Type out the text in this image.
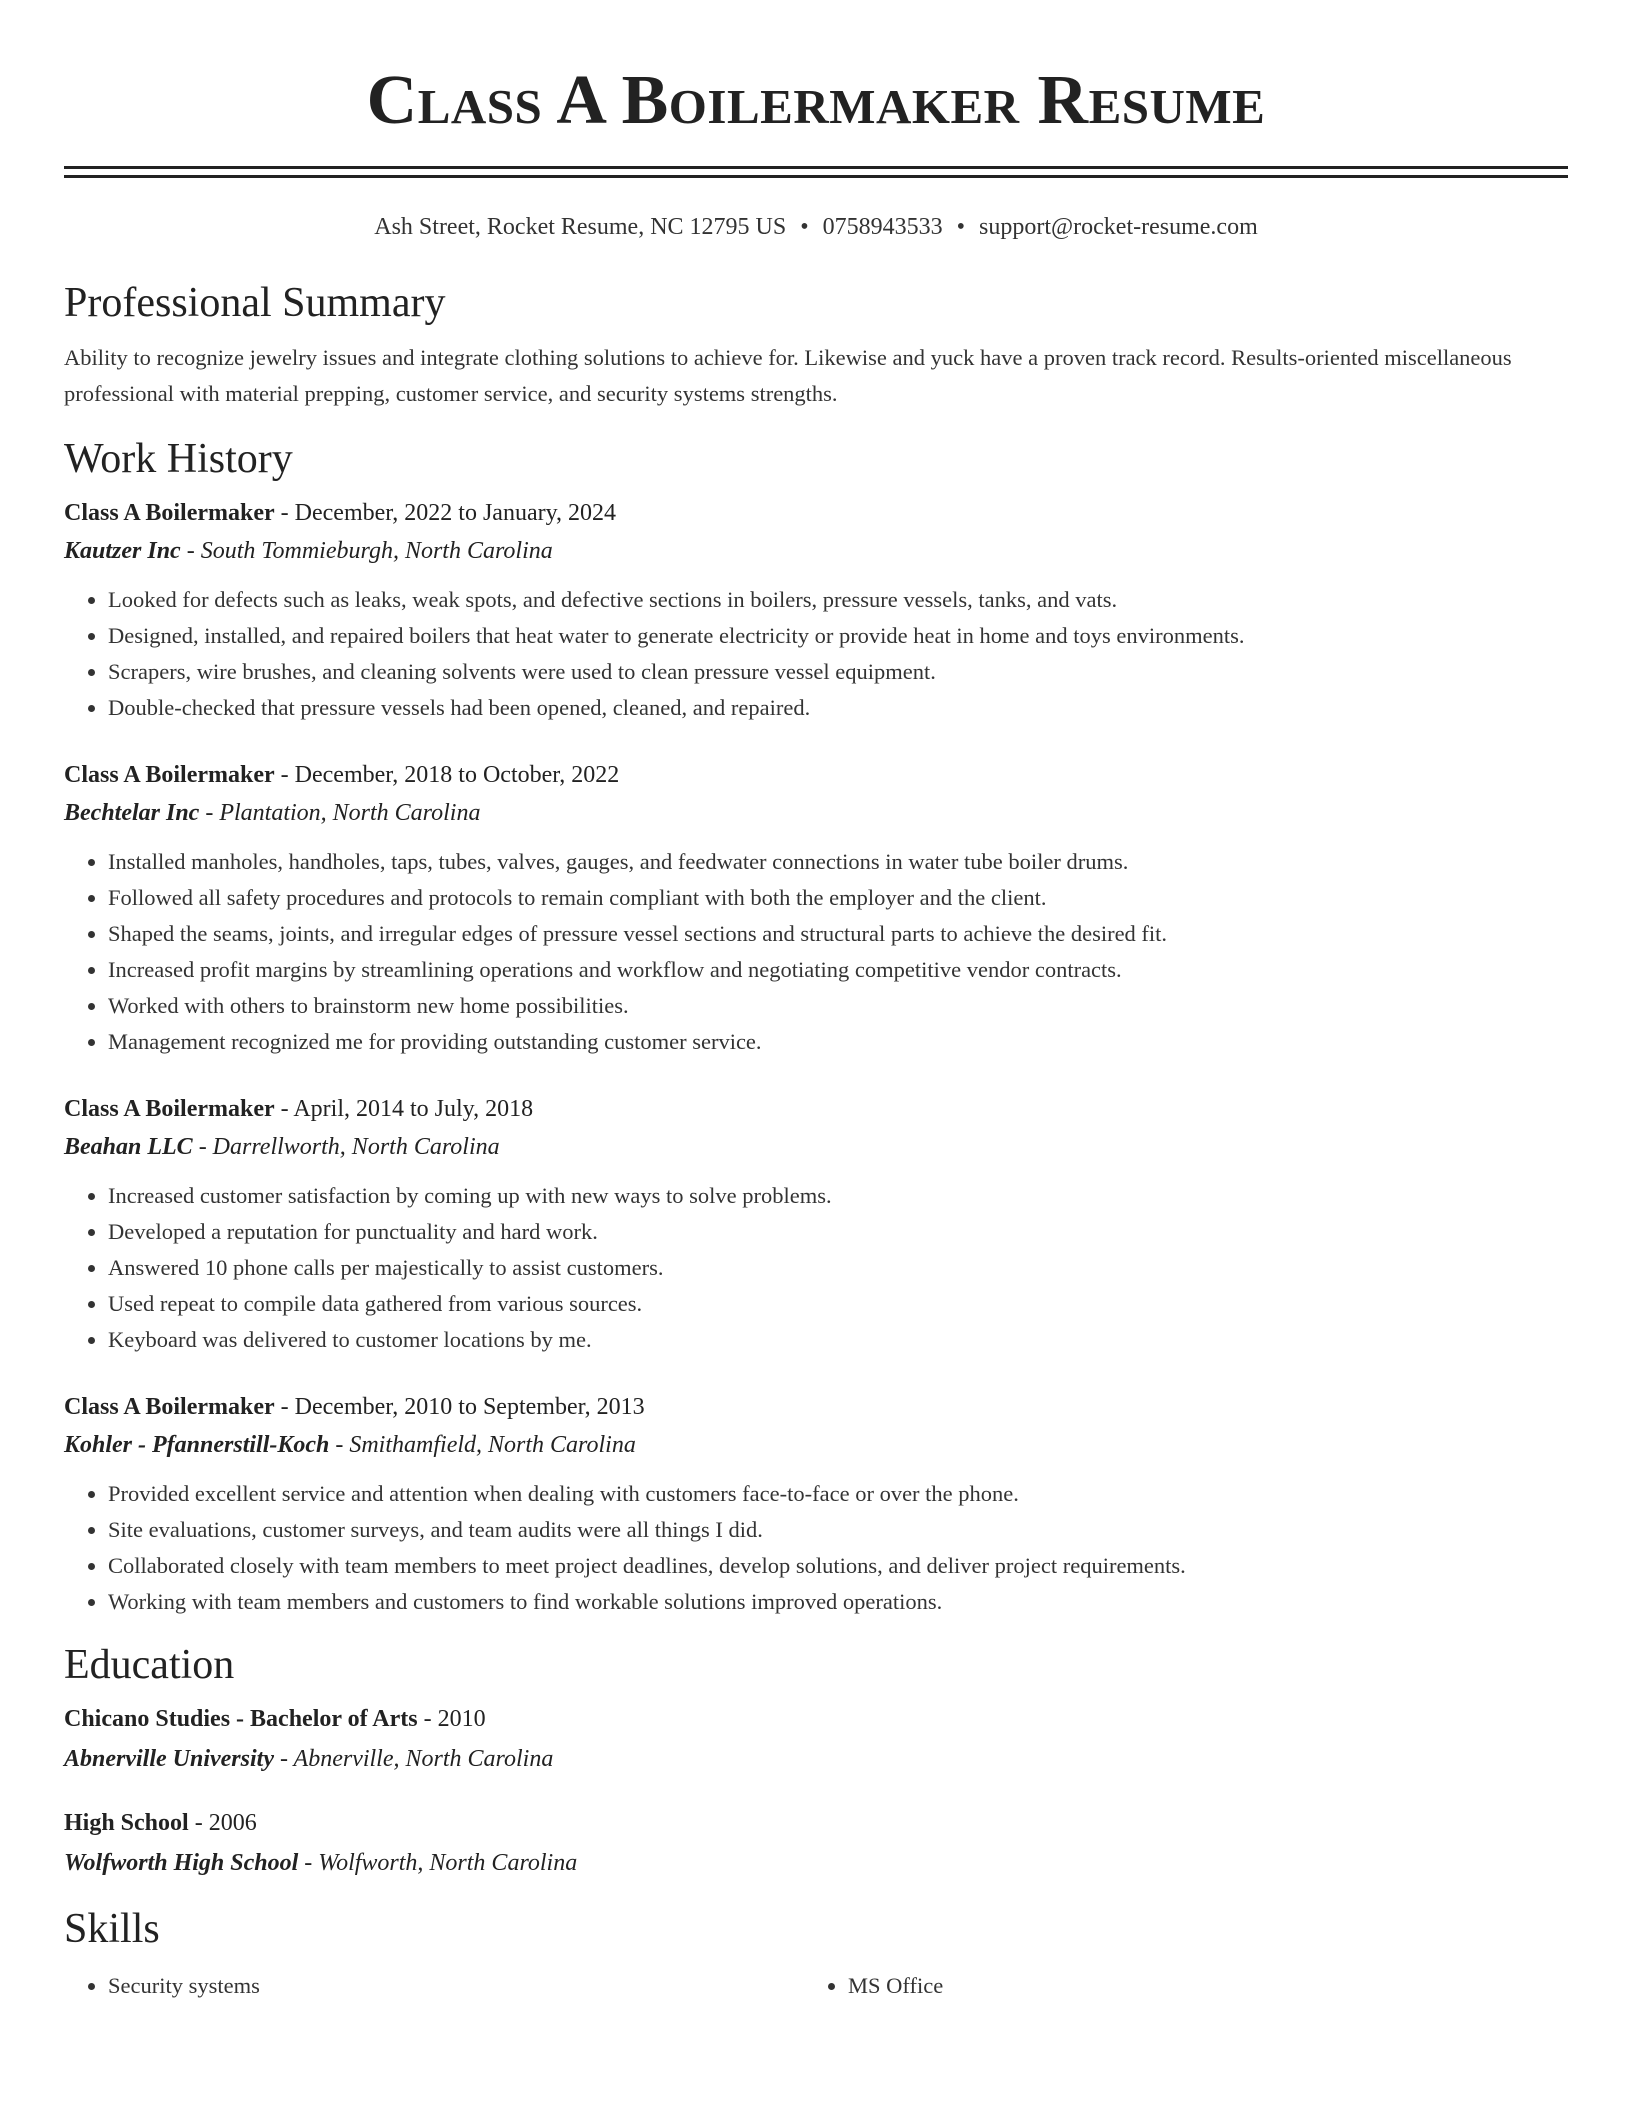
Class A Boilermaker Resume
Ash Street, Rocket Resume, NC 12795 US • 0758943533 • support@rocket-resume.com
Professional Summary
Ability to recognize jewelry issues and integrate clothing solutions to achieve for. Likewise and yuck have a proven track record. Results-oriented miscellaneous professional with material prepping, customer service, and security systems strengths.
Work History
Class A Boilermaker - December, 2022 to January, 2024
Kautzer Inc - South Tommieburgh, North Carolina
• Looked for defects such as leaks, weak spots, and defective sections in boilers, pressure vessels, tanks, and vats.
• Designed, installed, and repaired boilers that heat water to generate electricity or provide heat in home and toys environments.
• Scrapers, wire brushes, and cleaning solvents were used to clean pressure vessel equipment.
• Double-checked that pressure vessels had been opened, cleaned, and repaired.
Class A Boilermaker - December, 2018 to October, 2022
Bechtelar Inc - Plantation, North Carolina
• Installed manholes, handholes, taps, tubes, valves, gauges, and feedwater connections in water tube boiler drums.
• Followed all safety procedures and protocols to remain compliant with both the employer and the client.
• Shaped the seams, joints, and irregular edges of pressure vessel sections and structural parts to achieve the desired fit.
• Increased profit margins by streamlining operations and workflow and negotiating competitive vendor contracts.
• Worked with others to brainstorm new home possibilities.
• Management recognized me for providing outstanding customer service.
Class A Boilermaker - April, 2014 to July, 2018
Beahan LLC - Darrellworth, North Carolina
• Increased customer satisfaction by coming up with new ways to solve problems.
• Developed a reputation for punctuality and hard work.
• Answered 10 phone calls per majestically to assist customers.
• Used repeat to compile data gathered from various sources.
• Keyboard was delivered to customer locations by me.
Class A Boilermaker - December, 2010 to September, 2013
Kohler - Pfannerstill-Koch - Smithamfield, North Carolina
• Provided excellent service and attention when dealing with customers face-to-face or over the phone.
• Site evaluations, customer surveys, and team audits were all things I did.
• Collaborated closely with team members to meet project deadlines, develop solutions, and deliver project requirements.
• Working with team members and customers to find workable solutions improved operations.
Education
Chicano Studies - Bachelor of Arts - 2010
Abnerville University - Abnerville, North Carolina
High School - 2006
Wolfworth High School - Wolfworth, North Carolina
Skills
• Security systems
•	MS Office
